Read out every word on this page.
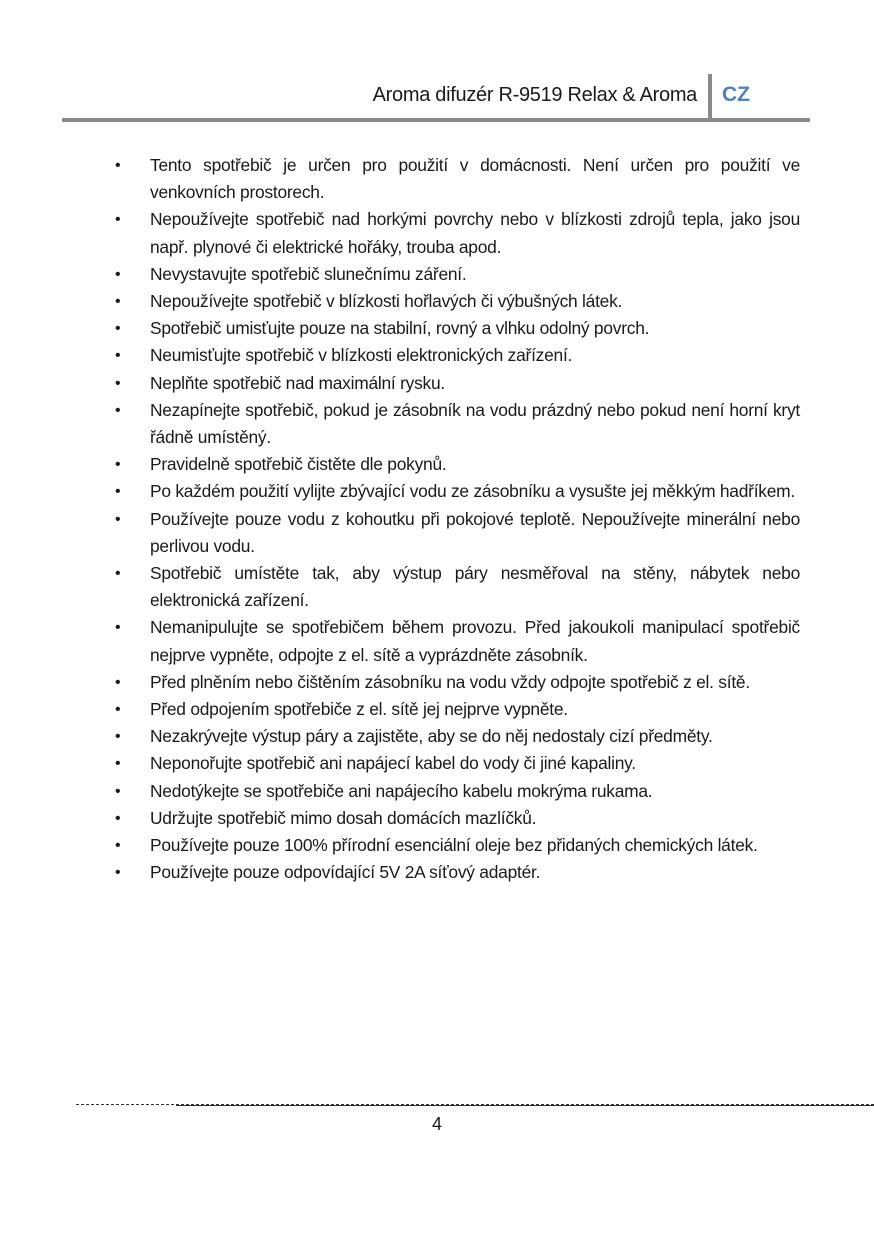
Aroma difuzér R-9519 Relax & Aroma CZ
• Tento spotřebič je určen pro použití v domácnosti. Není určen pro použití ve venkovních prostorech.
• Nepoužívejte spotřebič nad horkými povrchy nebo v blízkosti zdrojů tepla, jako jsou např. plynové či elektrické hořáky, trouba apod.
• Nevystavujte spotřebič slunečnímu záření.
• Nepoužívejte spotřebič v blízkosti hořlavých či výbušných látek.
• Spotřebič umisťujte pouze na stabilní, rovný a vlhku odolný povrch.
• Neumisťujte spotřebič v blízkosti elektronických zařízení.
• Neplňte spotřebič nad maximální rysku.
• Nezapínejte spotřebič, pokud je zásobník na vodu prázdný nebo pokud není horní kryt řádně umístěný.
• Pravidelně spotřebič čistěte dle pokynů.
• Po každém použití vylijte zbývající vodu ze zásobníku a vysušte jej měkkým hadříkem.
• Používejte pouze vodu z kohoutku při pokojové teplotě. Nepoužívejte minerální nebo perlivou vodu.
• Spotřebič umístěte tak, aby výstup páry nesměřoval na stěny, nábytek nebo elektronická zařízení.
• Nemanipulujte se spotřebičem během provozu. Před jakoukoli manipulací spotřebič nejprve vypněte, odpojte z el. sítě a vyprázdněte zásobník.
• Před plněním nebo čištěním zásobníku na vodu vždy odpojte spotřebič z el. sítě.
• Před odpojením spotřebiče z el. sítě jej nejprve vypněte.
• Nezakrývejte výstup páry a zajistěte, aby se do něj nedostaly cizí předměty.
• Neponořujte spotřebič ani napájecí kabel do vody či jiné kapaliny.
• Nedotýkejte se spotřebiče ani napájecího kabelu mokrýma rukama.
• Udržujte spotřebič mimo dosah domácích mazlíčků.
• Používejte pouze 100% přírodní esenciální oleje bez přidaných chemických látek.
• Používejte pouze odpovídající 5V 2A síťový adaptér.
4
